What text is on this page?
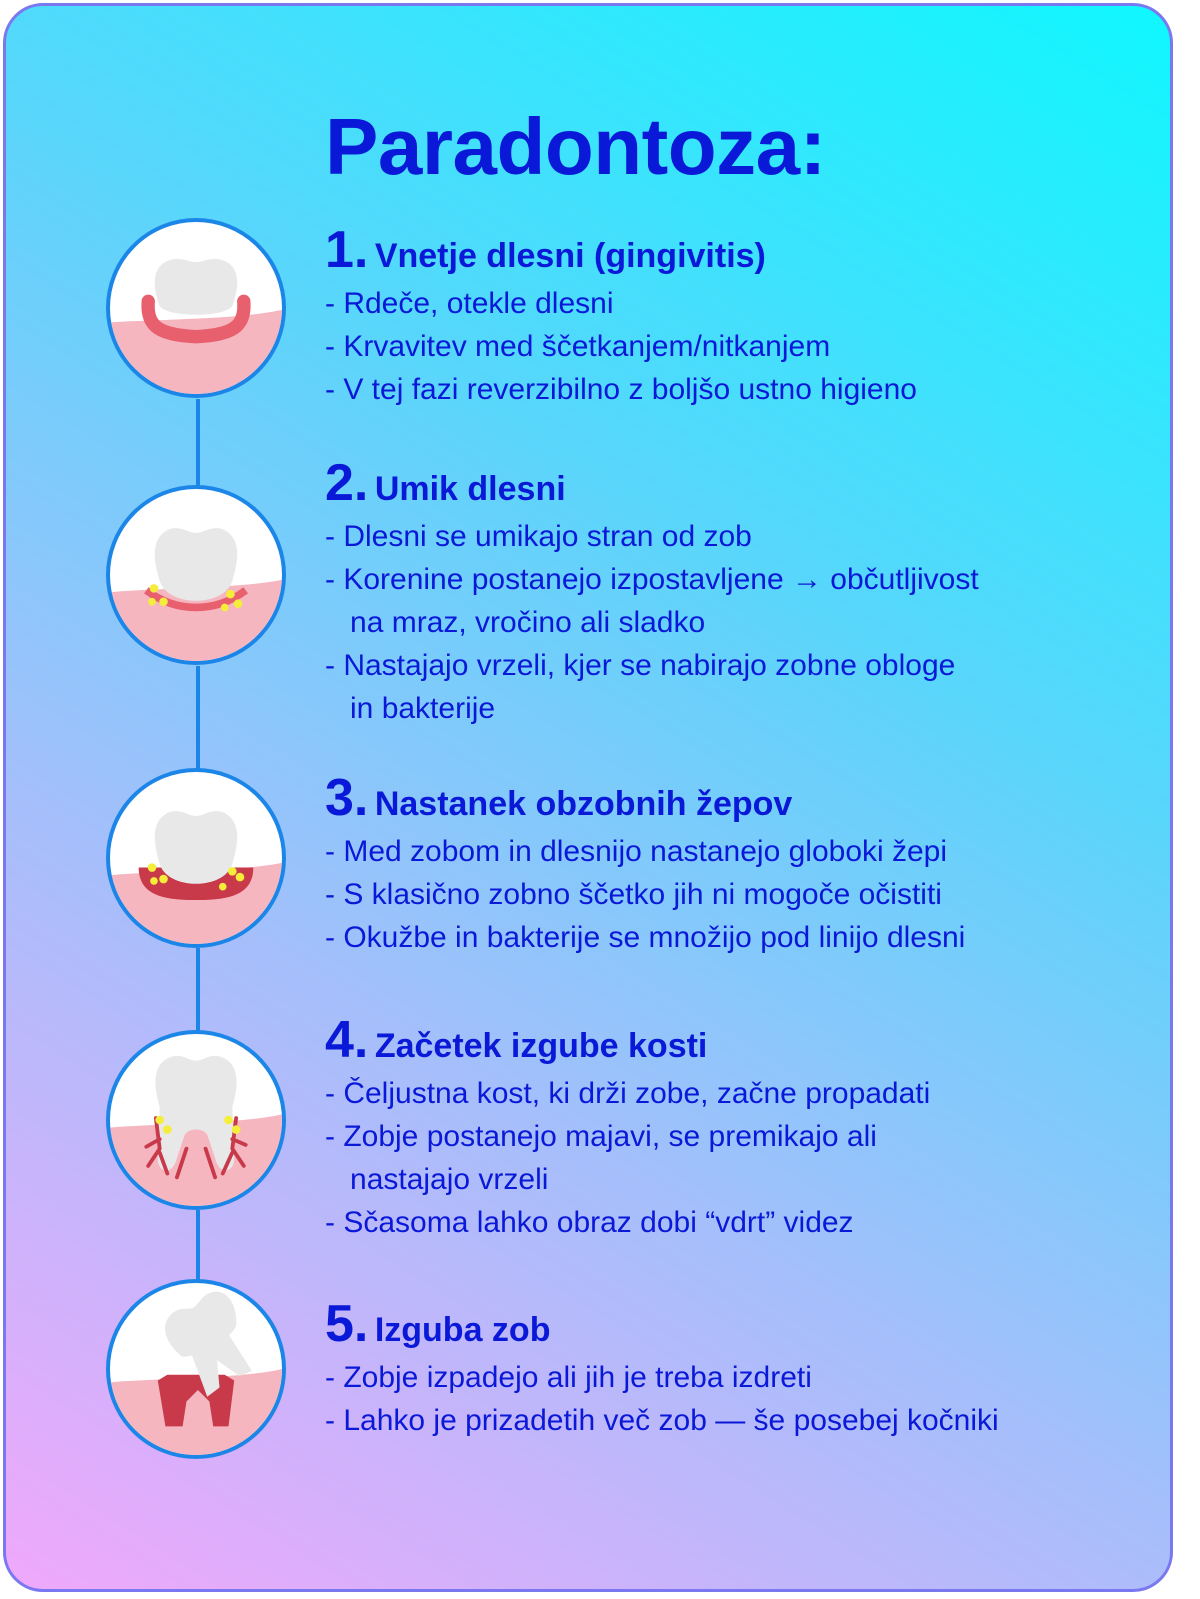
Paradontoza:
1. Vnetje dlesni (gingivitis)
- Rdeče, otekle dlesni
- Krvavitev med ščetkanjem/nitkanjem
- V tej fazi reverzibilno z boljšo ustno higieno
2. Umik dlesni
- Dlesni se umikajo stran od zob
- Korenine postanejo izpostavljene → občutljivost
na mraz, vročino ali sladko
- Nastajajo vrzeli, kjer se nabirajo zobne obloge
in bakterije
3. Nastanek obzobnih žepov
- Med zobom in dlesnijo nastanejo globoki žepi
- S klasično zobno ščetko jih ni mogoče očistiti
- Okužbe in bakterije se množijo pod linijo dlesni
4. Začetek izgube kosti
- Čeljustna kost, ki drži zobe, začne propadati
- Zobje postanejo majavi, se premikajo ali
nastajajo vrzeli
- Sčasoma lahko obraz dobi “vdrt” videz
5. Izguba zob
- Zobje izpadejo ali jih je treba izdreti
- Lahko je prizadetih več zob — še posebej kočniki
